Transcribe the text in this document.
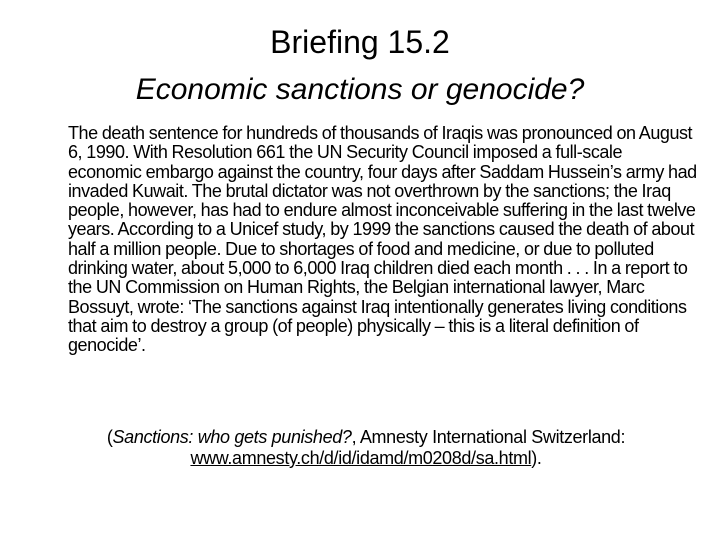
Briefing 15.2
Economic sanctions or genocide?

The death sentence for hundreds of thousands of Iraqis was pronounced on August 6, 1990. With Resolution 661 the UN Security Council imposed a full-scale economic embargo against the country, four days after Saddam Hussein’s army had invaded Kuwait. The brutal dictator was not overthrown by the sanctions; the Iraq people, however, has had to endure almost inconceivable suffering in the last twelve years. According to a Unicef study, by 1999 the sanctions caused the death of about half a million people. Due to shortages of food and medicine, or due to polluted drinking water, about 5,000 to 6,000 Iraq children died each month . . . In a report to the UN Commission on Human Rights, the Belgian international lawyer, Marc Bossuyt, wrote: ‘The sanctions against Iraq intentionally generates living conditions that aim to destroy a group (of people) physically – this is a literal definition of genocide’.

(Sanctions: who gets punished?, Amnesty International Switzerland:
www.amnesty.ch/d/id/idamd/m0208d/sa.html).
